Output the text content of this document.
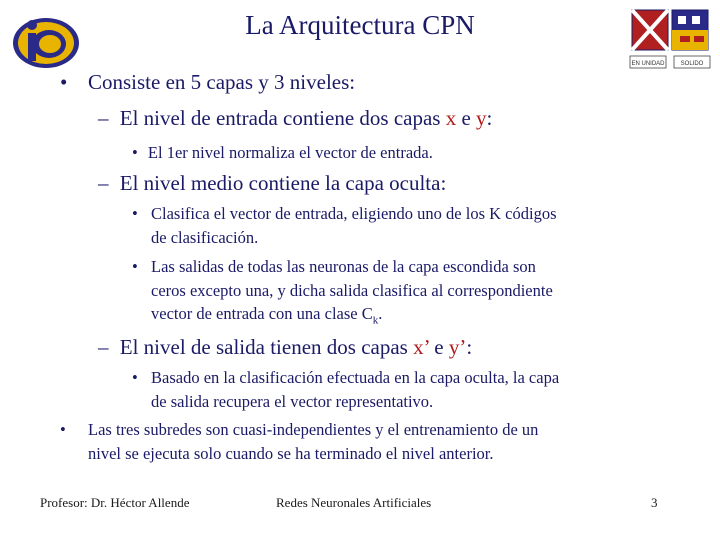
La Arquitectura CPN
EN UNIDAD	SOLIDO
• Consiste en 5 capas y 3 niveles:
– El nivel de entrada contiene dos capas x e y:
• El 1er nivel normaliza el vector de entrada.
– El nivel medio contiene la capa oculta:
• Clasifica el vector de entrada, eligiendo uno de los K códigos
de clasificación.
• Las salidas de todas las neuronas de la capa escondida son
ceros excepto una, y dicha salida clasifica al correspondiente
vector de entrada con una clase $C_k$.
– El nivel de salida tienen dos capas x’ e y’:
• Basado en la clasificación efectuada en la capa oculta, la capa
de salida recupera el vector representativo.
• Las tres subredes son cuasi-independientes y el entrenamiento de un
nivel se ejecuta solo cuando se ha terminado el nivel anterior.
Profesor: Dr. Héctor Allende	Redes Neuronales Artificiales	3
